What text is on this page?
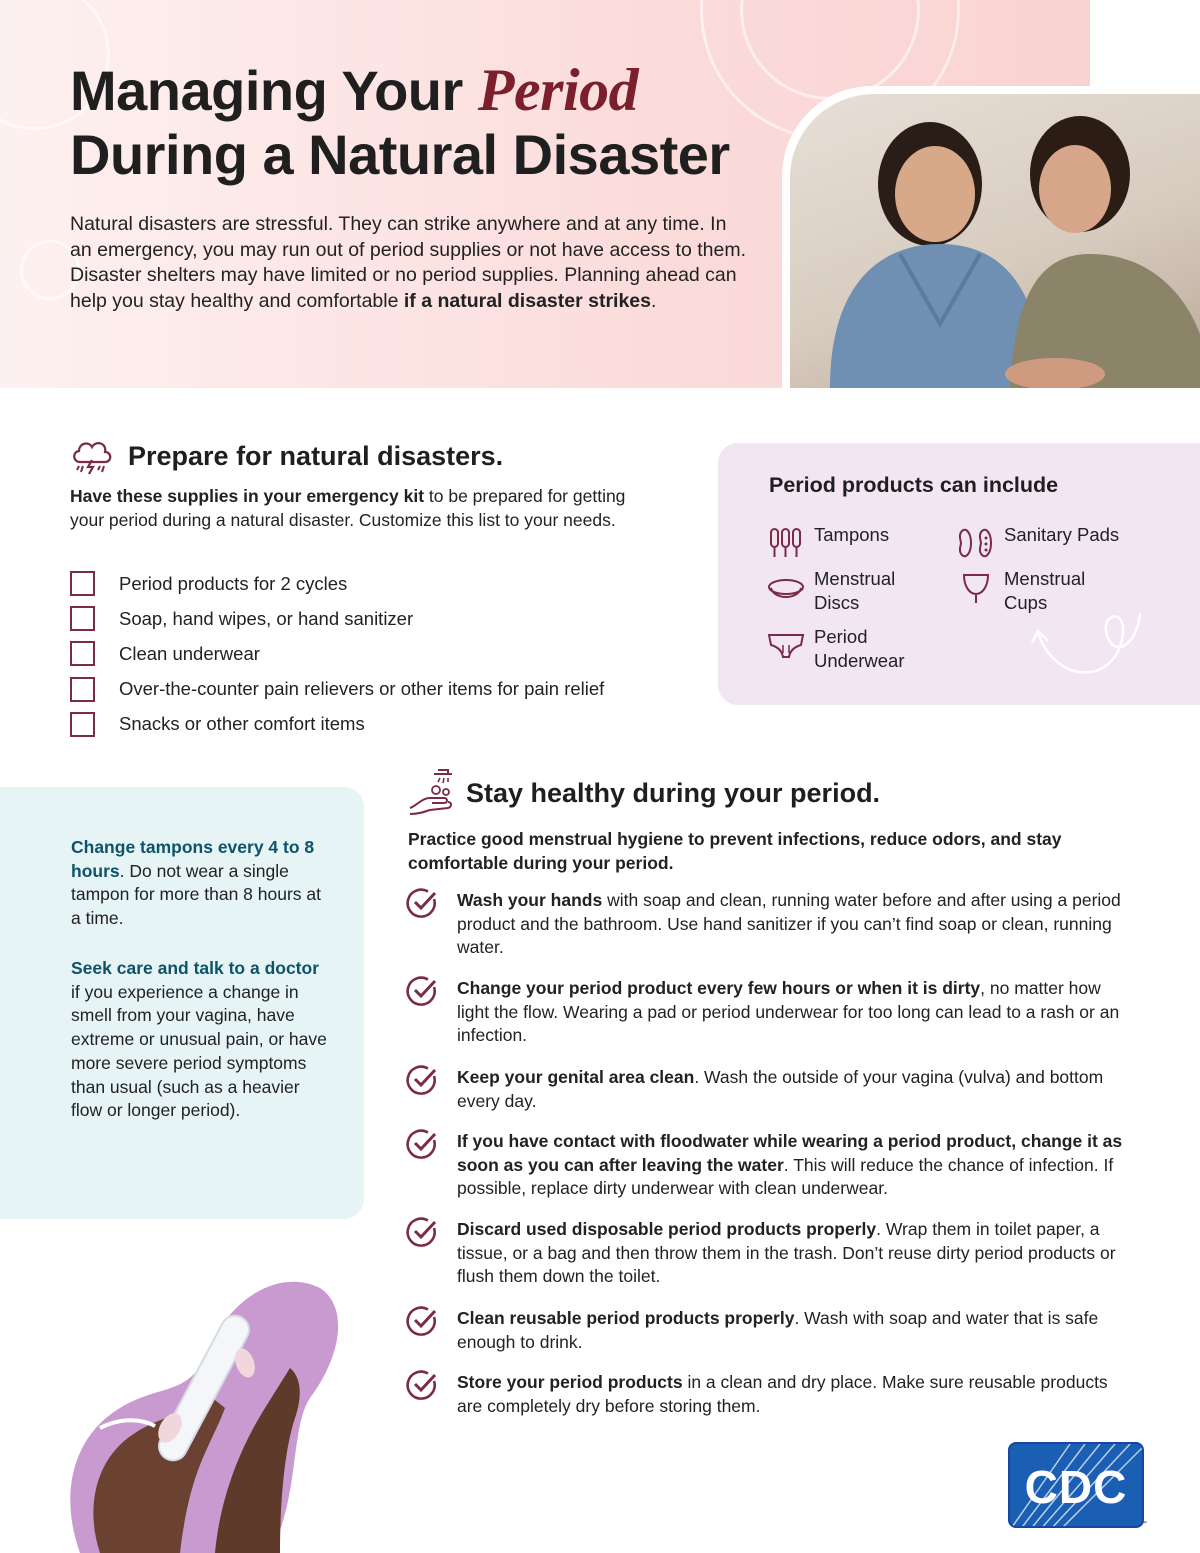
Managing Your Period
During a Natural Disaster

Natural disasters are stressful. They can strike anywhere and at any time. In an emergency, you may run out of period supplies or not have access to them. Disaster shelters may have limited or no period supplies. Planning ahead can help you stay healthy and comfortable if a natural disaster strikes.

Prepare for natural disasters.

Have these supplies in your emergency kit to be prepared for getting your period during a natural disaster. Customize this list to your needs.

Period products for 2 cycles
Soap, hand wipes, or hand sanitizer
Clean underwear
Over-the-counter pain relievers or other items for pain relief
Snacks or other comfort items
Period products can include
Tampons	Sanitary Pads
Menstrual
Discs
Menstrual
Cups
Period
Underwear

Change tampons every 4 to 8 hours. Do not wear a single tampon for more than 8 hours at a time.

Seek care and talk to a doctor if you experience a change in smell from your vagina, have extreme or unusual pain, or have more severe period symptoms than usual (such as a heavier flow or longer period).

Stay healthy during your period.

Practice good menstrual hygiene to prevent infections, reduce odors, and stay comfortable during your period.

Wash your hands with soap and clean, running water before and after using a period product and the bathroom. Use hand sanitizer if you can’t find soap or clean, running water.

Change your period product every few hours or when it is dirty, no matter how light the flow. Wearing a pad or period underwear for too long can lead to a rash or an infection.

Keep your genital area clean. Wash the outside of your vagina (vulva) and bottom every day.

If you have contact with floodwater while wearing a period product, change it as soon as you can after leaving the water. This will reduce the chance of infection. If possible, replace dirty underwear with clean underwear.

Discard used disposable period products properly. Wrap them in toilet paper, a tissue, or a bag and then throw them in the trash. Don’t reuse dirty period products or flush them down the toilet.

Clean reusable period products properly. Wash with soap and water that is safe enough to drink.

Store your period products in a clean and dry place. Make sure reusable products are completely dry before storing them.

CDC
™
